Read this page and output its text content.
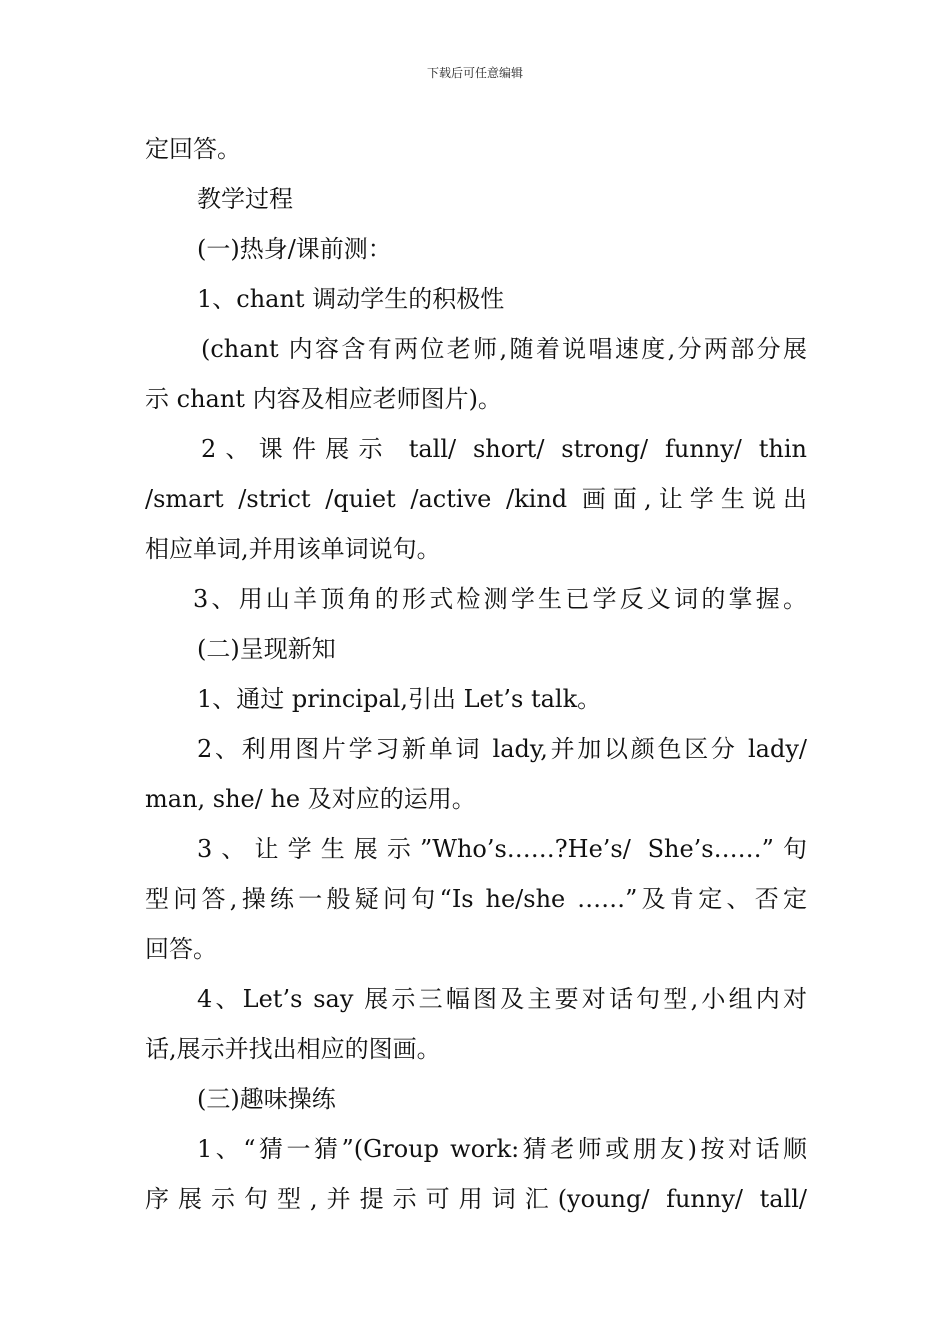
下载后可任意编辑
定回答。
教学过程
(一)热身/课前测：
1、chant 调动学生的积极性
(chant 内容含有两位老师,随着说唱速度,分两部分展
示 chant 内容及相应老师图片)。
2、课件展示 tall/ short/ strong/ funny/ thin
/smart /strict /quiet /active /kind 画面,让学生说出
相应单词,并用该单词说句。
3、用山羊顶角的形式检测学生已学反义词的掌握。
(二)呈现新知
1、通过 principal,引出 Let’s talk。
2、利用图片学习新单词 lady,并加以颜色区分 lady/
man, she/ he 及对应的运用。
3、让学生展示”Who’s……?He’s/ She’s……”句
型问答,操练一般疑问句“Is he/she ……”及肯定、否定
回答。
4、Let’s say 展示三幅图及主要对话句型,小组内对
话,展示并找出相应的图画。
(三)趣味操练
1、“猜一猜”(Group work:猜老师或朋友)按对话顺
序展示句型,并提示可用词汇(young/ funny/ tall/
